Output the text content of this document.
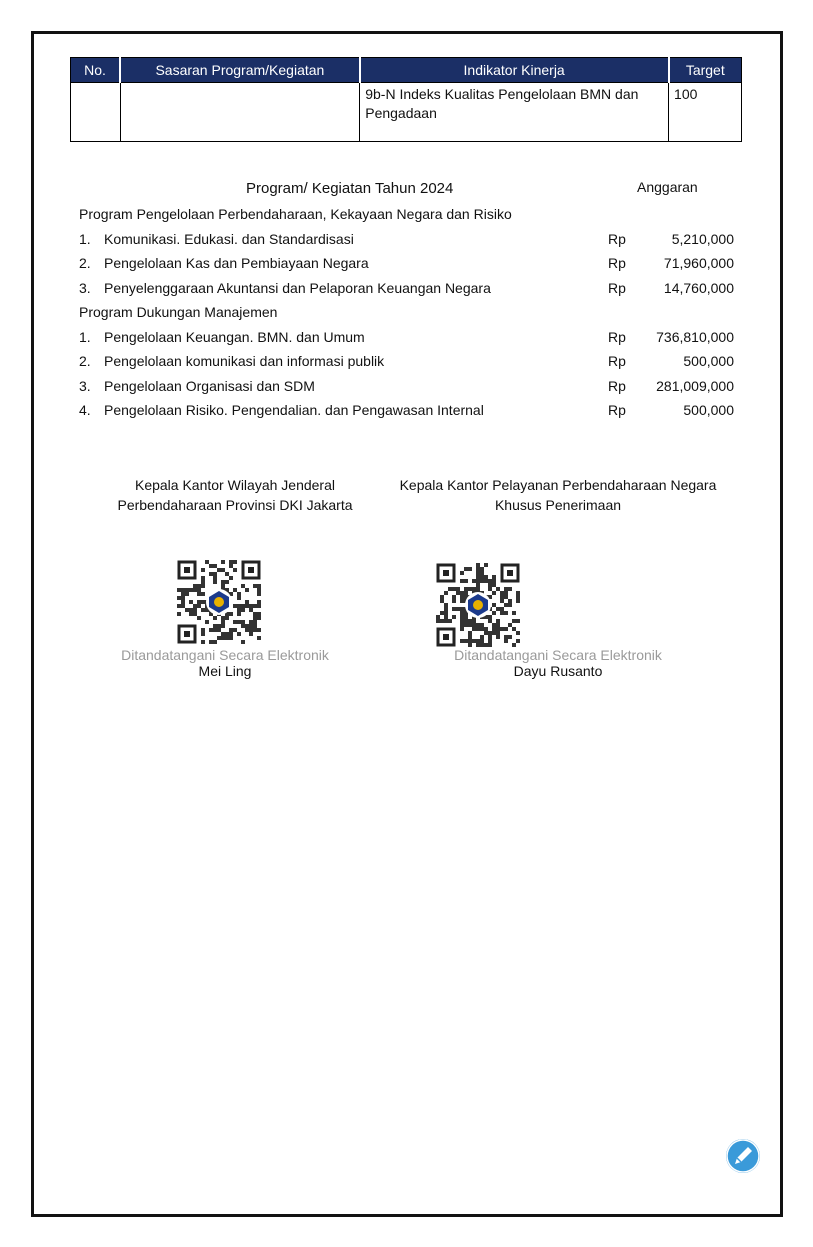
No.	Sasaran Program/Kegiatan	Indikator Kinerja	Target
		9b-N Indeks Kualitas Pengelolaan BMN dan
Pengadaan	100
Program/ Kegiatan Tahun 2024	Anggaran
Program Pengelolaan Perbendaharaan, Kekayaan Negara dan Risiko
1. Komunikasi. Edukasi. dan Standardisasi	Rp	5,210,000
2. Pengelolaan Kas dan Pembiayaan Negara	Rp	71,960,000
3. Penyelenggaraan Akuntansi dan Pelaporan Keuangan Negara	Rp	14,760,000
Program Dukungan Manajemen
1. Pengelolaan Keuangan. BMN. dan Umum	Rp 736,810,000
2. Pengelolaan komunikasi dan informasi publik	Rp	500,000
3. Pengelolaan Organisasi dan SDM	Rp 281,009,000
4. Pengelolaan Risiko. Pengendalian. dan Pengawasan Internal	Rp	500,000
Kepala Kantor Wilayah Jenderal
Perbendaharaan Provinsi DKI Jakarta
Ditandatangani Secara Elektronik
Mei Ling
Kepala Kantor Pelayanan Perbendaharaan Negara
Khusus Penerimaan
Ditandatangani Secara Elektronik
Dayu Rusanto
